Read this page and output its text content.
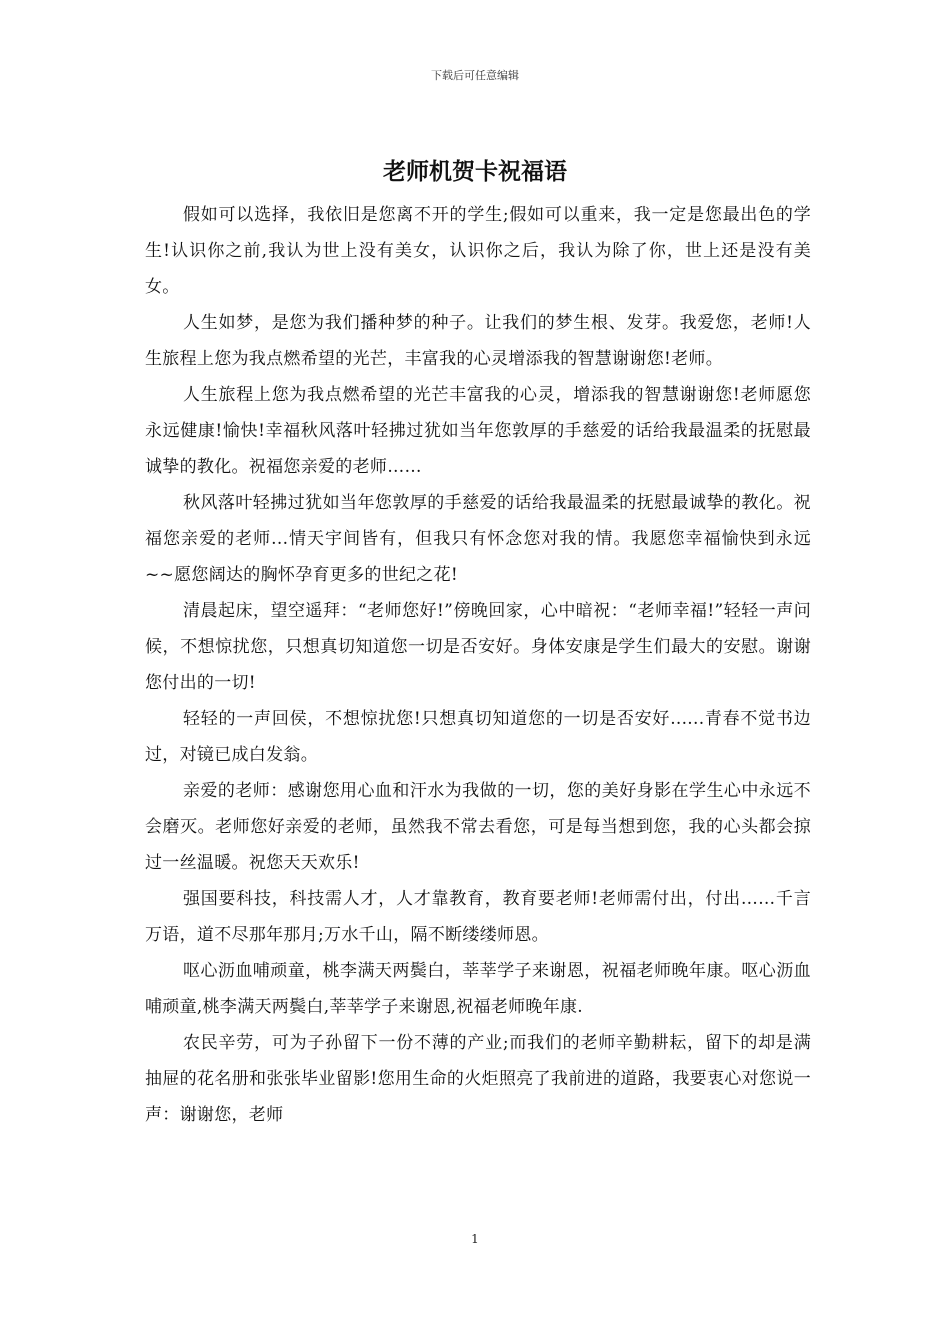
下载后可任意编辑
老师机贺卡祝福语

假如可以选择，我依旧是您离不开的学生;假如可以重来，我一定是您最出色的学生!认识你之前,我认为世上没有美女，认识你之后，我认为除了你，世上还是没有美女。

人生如梦，是您为我们播种梦的种子。让我们的梦生根、发芽。我爱您，老师!人生旅程上您为我点燃希望的光芒，丰富我的心灵增添我的智慧谢谢您!老师。

人生旅程上您为我点燃希望的光芒丰富我的心灵，增添我的智慧谢谢您!老师愿您永远健康!愉快!幸福秋风落叶轻拂过犹如当年您敦厚的手慈爱的话给我最温柔的抚慰最诚挚的教化。祝福您亲爱的老师……

秋风落叶轻拂过犹如当年您敦厚的手慈爱的话给我最温柔的抚慰最诚挚的教化。祝福您亲爱的老师...情天宇间皆有，但我只有怀念您对我的情。我愿您幸福愉快到永远~~愿您阔达的胸怀孕育更多的世纪之花!

清晨起床，望空遥拜：“老师您好!”傍晚回家，心中暗祝：“老师幸福!”轻轻一声问候，不想惊扰您，只想真切知道您一切是否安好。身体安康是学生们最大的安慰。谢谢您付出的一切!

轻轻的一声回侯，不想惊扰您!只想真切知道您的一切是否安好......青春不觉书边过，对镜已成白发翁。

亲爱的老师：感谢您用心血和汗水为我做的一切，您的美好身影在学生心中永远不会磨灭。老师您好亲爱的老师，虽然我不常去看您，可是每当想到您，我的心头都会掠过一丝温暖。祝您天天欢乐!

强国要科技，科技需人才，人才靠教育，教育要老师!老师需付出，付出……千言万语，道不尽那年那月;万水千山，隔不断缕缕师恩。

呕心沥血哺顽童，桃李满天两鬓白，莘莘学子来谢恩，祝福老师晚年康。呕心沥血哺顽童,桃李满天两鬓白,莘莘学子来谢恩,祝福老师晚年康.

农民辛劳，可为子孙留下一份不薄的产业;而我们的老师辛勤耕耘，留下的却是满抽屉的花名册和张张毕业留影!您用生命的火炬照亮了我前进的道路，我要衷心对您说一声：谢谢您，老师

1
